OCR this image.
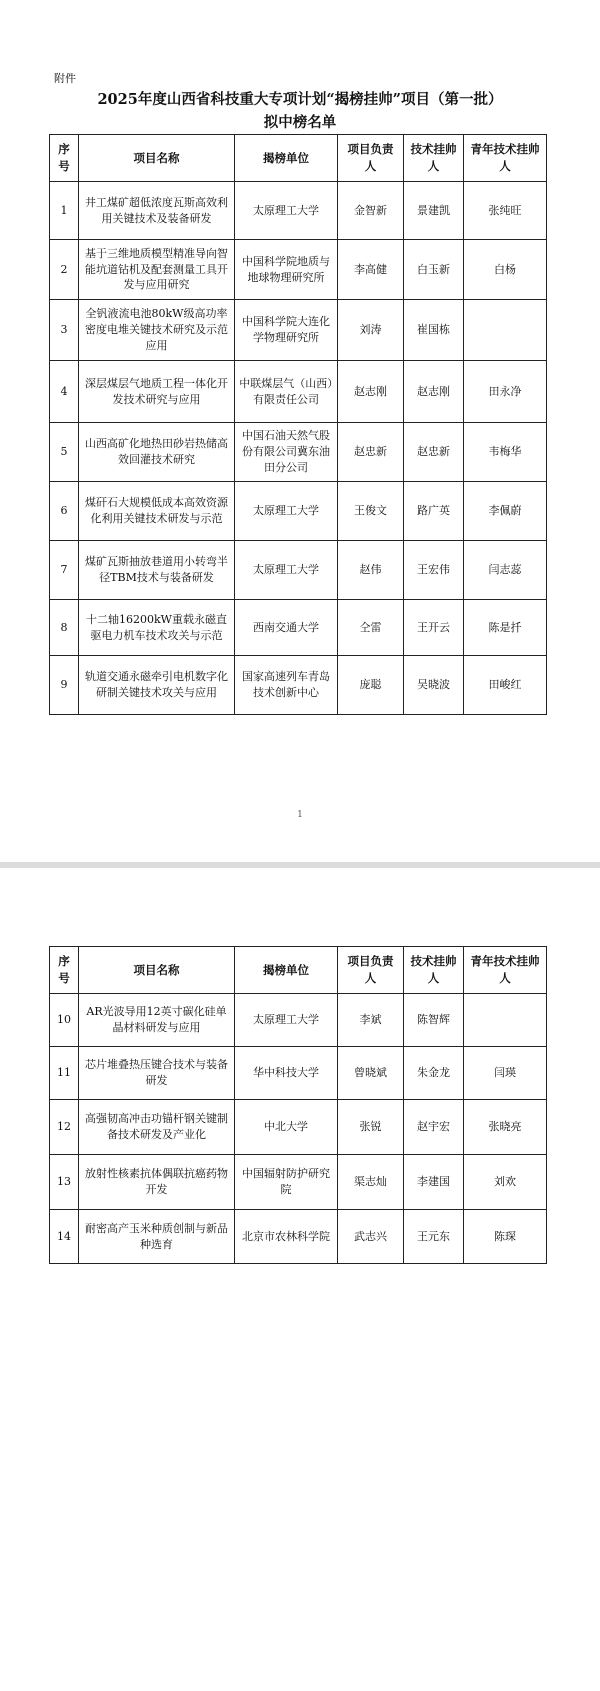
附件
2025年度山西省科技重大专项计划“揭榜挂帅”项目（第一批）
拟中榜名单
序号	项目名称	揭榜单位	项目负责人	技术挂帅人	青年技术挂帅人
1	井工煤矿超低浓度瓦斯高效利用关键技术及装备研发	太原理工大学	金智新	景建凯	张纯旺
2	基于三维地质模型精准导向智能坑道钻机及配套测量工具开发与应用研究	中国科学院地质与地球物理研究所	李高健	白玉新	白杨
3	全钒液流电池80kW级高功率密度电堆关键技术研究及示范应用	中国科学院大连化学物理研究所	刘涛	崔国栋	
4	深层煤层气地质工程一体化开发技术研究与应用	中联煤层气（山西）有限责任公司	赵志刚	赵志刚	田永净
5	山西高矿化地热田砂岩热储高效回灌技术研究	中国石油天然气股份有限公司冀东油田分公司	赵忠新	赵忠新	韦梅华
6	煤矸石大规模低成本高效资源化利用关键技术研发与示范	太原理工大学	王俊文	路广英	李佩蔚
7	煤矿瓦斯抽放巷道用小转弯半径TBM技术与装备研发	太原理工大学	赵伟	王宏伟	闫志蕊
8	十二轴16200kW重载永磁直驱电力机车技术攻关与示范	西南交通大学	仝雷	王开云	陈是扦
9	轨道交通永磁牵引电机数字化研制关键技术攻关与应用	国家高速列车青岛技术创新中心	庞聪	吴晓波	田峻红
1
序号	项目名称	揭榜单位	项目负责人	技术挂帅人	青年技术挂帅人
10	AR光波导用12英寸碳化硅单晶材料研发与应用	太原理工大学	李斌	陈智辉	
11	芯片堆叠热压键合技术与装备研发	华中科技大学	曾晓斌	朱金龙	闫瑛
12	高强韧高冲击功锚杆钢关键制备技术研发及产业化	中北大学	张锐	赵宇宏	张晓亮
13	放射性核素抗体偶联抗癌药物开发	中国辐射防护研究院	渠志灿	李建国	刘欢
14	耐密高产玉米种质创制与新品种选育	北京市农林科学院	武志兴	王元东	陈琛
